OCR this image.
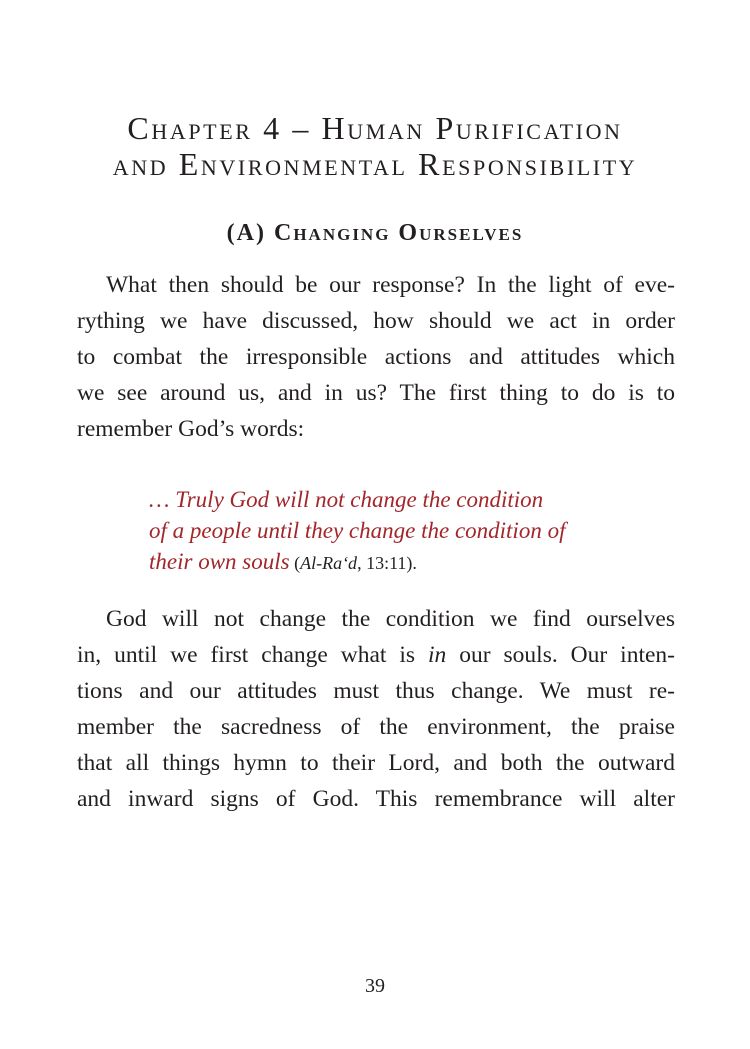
Chapter 4 – Human Purification
and Environmental Responsibility
(A) Changing Ourselves
What then should be our response? In the light of eve-
rything we have discussed, how should we act in order
to combat the irresponsible actions and attitudes which
we see around us, and in us? The first thing to do is to
remember God’s words:
… Truly God will not change the condition
of a people until they change the condition of
their own souls (Al-Ra‘d, 13:11).
God will not change the condition we find ourselves
in, until we first change what is in our souls. Our inten-
tions and our attitudes must thus change. We must re-
member the sacredness of the environment, the praise
that all things hymn to their Lord, and both the outward
and inward signs of God. This remembrance will alter
39
